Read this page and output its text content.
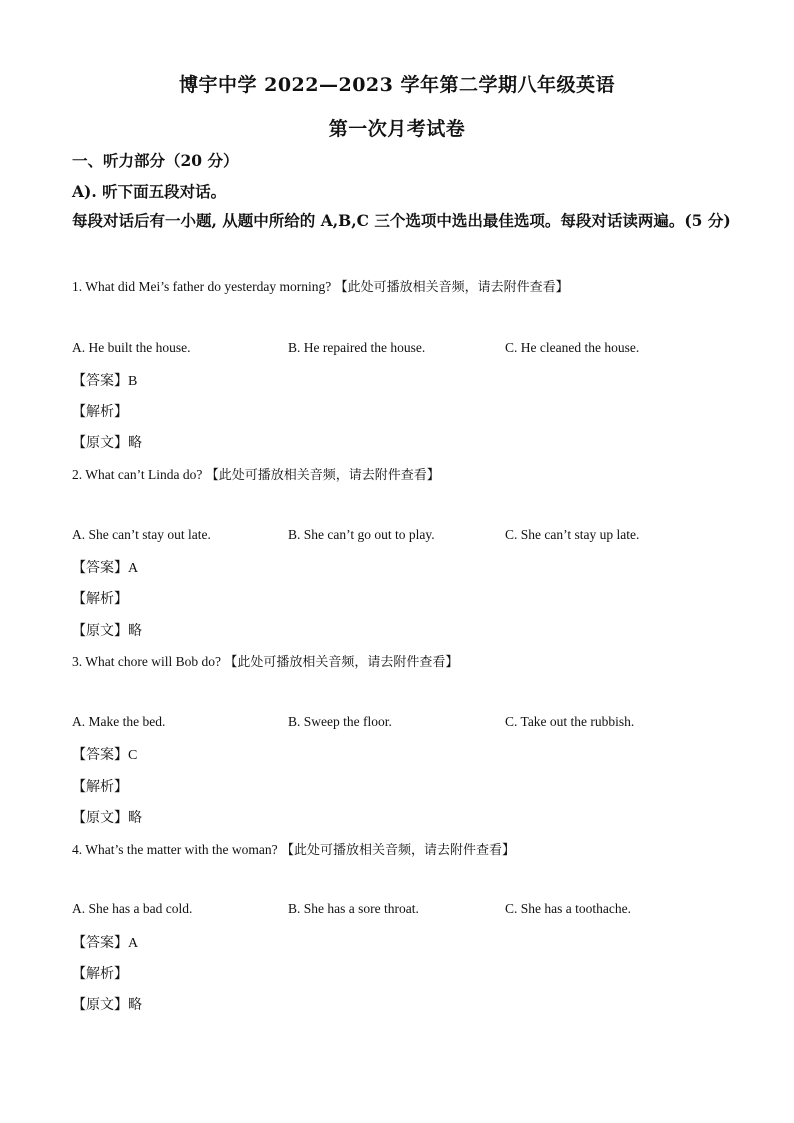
博宇中学 2022—2023 学年第二学期八年级英语
第一次月考试卷
一、听力部分（20 分）
A). 听下面五段对话。
每段对话后有一小题, 从题中所给的 A,B,C 三个选项中选出最佳选项。每段对话读两遍。(5 分)
1. What did Mei’s father do yesterday morning? 【此处可播放相关音频，请去附件查看】
A. He built the house.	B. He repaired the house.	C. He cleaned the house.
【答案】B
【解析】
【原文】略
2. What can’t Linda do? 【此处可播放相关音频，请去附件查看】
A. She can’t stay out late.	B. She can’t go out to play.	C. She can’t stay up late.
【答案】A
【解析】
【原文】略
3. What chore will Bob do? 【此处可播放相关音频，请去附件查看】
A. Make the bed.	B. Sweep the floor.	C. Take out the rubbish.
【答案】C
【解析】
【原文】略
4. What’s the matter with the woman? 【此处可播放相关音频，请去附件查看】
A. She has a bad cold.	B. She has a sore throat.	C. She has a toothache.
【答案】A
【解析】
【原文】略
